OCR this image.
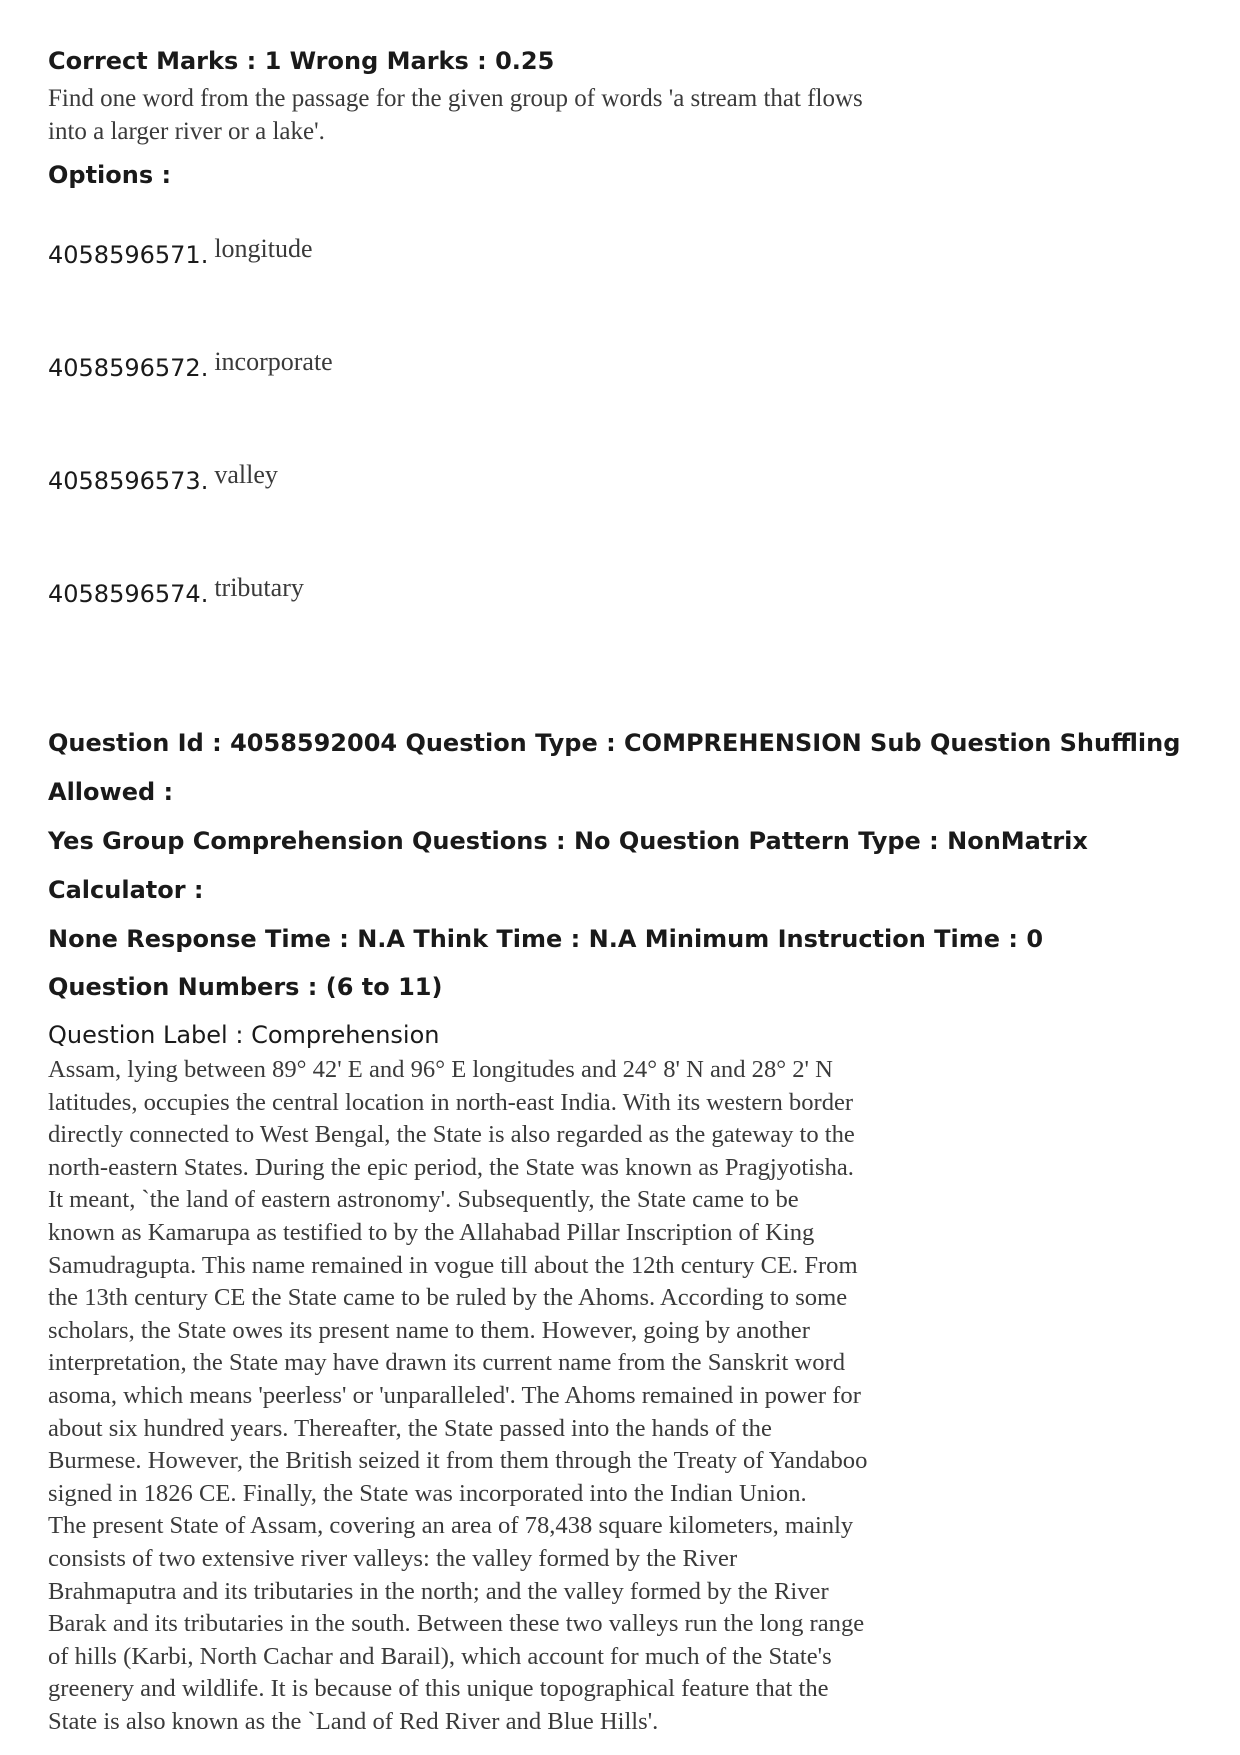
Correct Marks : 1 Wrong Marks : 0.25

Find one word from the passage for the given group of words 'a stream that flows
into a larger river or a lake'.

Options :

4058596571. longitude
4058596572. incorporate
4058596573. valley
4058596574. tributary

Question Id : 4058592004 Question Type : COMPREHENSION Sub Question Shuffling Allowed :

Yes Group Comprehension Questions : No Question Pattern Type : NonMatrix Calculator :

None Response Time : N.A Think Time : N.A Minimum Instruction Time : 0

Question Numbers : (6 to 11)

Question Label : Comprehension

Assam, lying between 89° 42' E and 96° E longitudes and 24° 8' N and 28° 2' N

latitudes, occupies the central location in north-east India. With its western border

directly connected to West Bengal, the State is also regarded as the gateway to the

north-eastern States. During the epic period, the State was known as Pragjyotisha.

It meant, `the land of eastern astronomy'. Subsequently, the State came to be

known as Kamarupa as testified to by the Allahabad Pillar Inscription of King

Samudragupta. This name remained in vogue till about the 12th century CE. From

the 13th century CE the State came to be ruled by the Ahoms. According to some

scholars, the State owes its present name to them. However, going by another

interpretation, the State may have drawn its current name from the Sanskrit word

asoma, which means 'peerless' or 'unparalleled'. The Ahoms remained in power for

about six hundred years. Thereafter, the State passed into the hands of the

Burmese. However, the British seized it from them through the Treaty of Yandaboo

signed in 1826 CE. Finally, the State was incorporated into the Indian Union.

The present State of Assam, covering an area of 78,438 square kilometers, mainly

consists of two extensive river valleys: the valley formed by the River

Brahmaputra and its tributaries in the north; and the valley formed by the River

Barak and its tributaries in the south. Between these two valleys run the long range

of hills (Karbi, North Cachar and Barail), which account for much of the State's

greenery and wildlife. It is because of this unique topographical feature that the

State is also known as the `Land of Red River and Blue Hills'.
